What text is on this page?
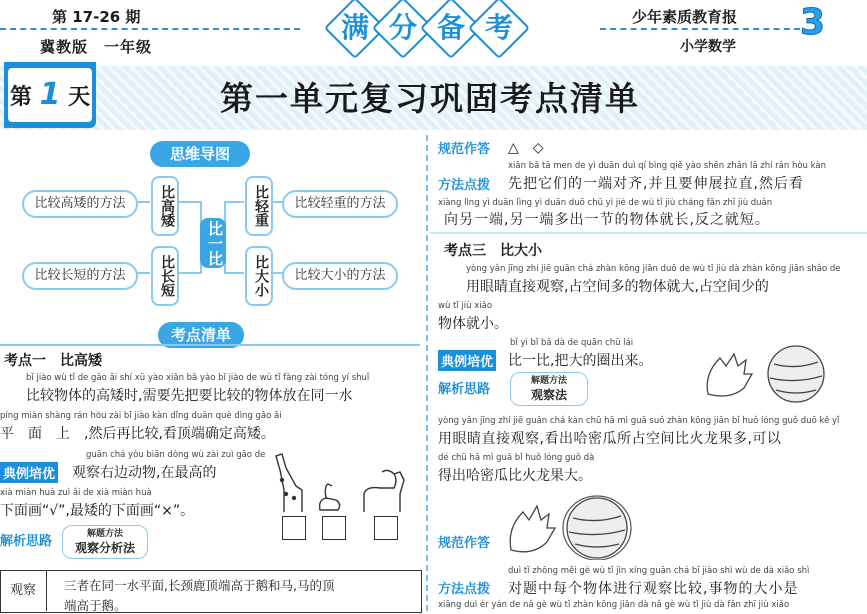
第 17-26 期
冀教版　一年级
满 分 备 考	少年素质教育报
小学数学
3
第 1 天	第一单元复习巩固考点清单
思维导图
比较高矮的方法
比较长短的方法
比高矮
比长短
比一比
比轻重
比大小
比较轻重的方法
比较大小的方法
考点清单
考点一　比高矮
bǐ jiào wù tǐ de gāo ǎi shí xū yào xiān bǎ yào bǐ jiào de wù tǐ fàng zài tóng yí shuǐ
比较物体的高矮时,需要先把要比较的物体放在同一水
píng miàn shàng rán hòu zài bǐ jiào kàn dǐng duān què dìng gāo ǎi
平　面　上　,然后再比较,看顶端确定高矮。
guān chá yòu biān dòng wù zài zuì gāo de
典例培优 观察右边动物,在最高的
xià miàn huà zuì ǎi de xià miàn huà
下面画“√”,最矮的下面画“×”。
解析思路	解题方法
观察分析法
观察	三者在同一水平面,长颈鹿顶端高于鹅和马,马的顶
端高于鹅。
规范作答 △　◇
xiān bǎ tā men de yì duān duì qí bìng qiě yào shēn zhǎn lā zhí rán hòu kàn
方法点拨 先把它们的一端对齐,并且要伸展拉直,然后看
xiàng lìng yì duān lìng yì duān duō chū yì jié de wù tǐ jiù cháng fǎn zhī jiù duǎn
向另一端,另一端多出一节的物体就长,反之就短。
考点三　比大小
yòng yǎn jīng zhí jiē guān chá zhàn kōng jiān duō de wù tǐ jiù dà zhàn kōng jiān shǎo de
用眼睛直接观察,占空间多的物体就大,占空间少的
wù tǐ jiù xiǎo
物体就小。
bǐ yi bǐ bǎ dà de quān chū lái
典例培优 比一比,把大的圈出来。
解析思路
解题方法
观察法
yòng yǎn jīng zhí jiē guān chá kàn chū hā mì guā suǒ zhàn kōng jiān bǐ huǒ lóng guǒ duō kě yǐ
用眼睛直接观察,看出哈密瓜所占空间比火龙果多,可以
dé chū hā mì guā bǐ huǒ lóng guǒ dà
得出哈密瓜比火龙果大。
规范作答
duì tǐ zhōng měi gè wù tǐ jìn xíng guān chá bǐ jiào shì wù de dà xiǎo shì
方法点拨 对题中每个物体进行观察比较,事物的大小是
xiāng duì ér yán de nǎ gè wù tǐ zhàn kōng jiān dà nǎ gè wù tǐ jiù dà fǎn zhī jiù xiǎo
